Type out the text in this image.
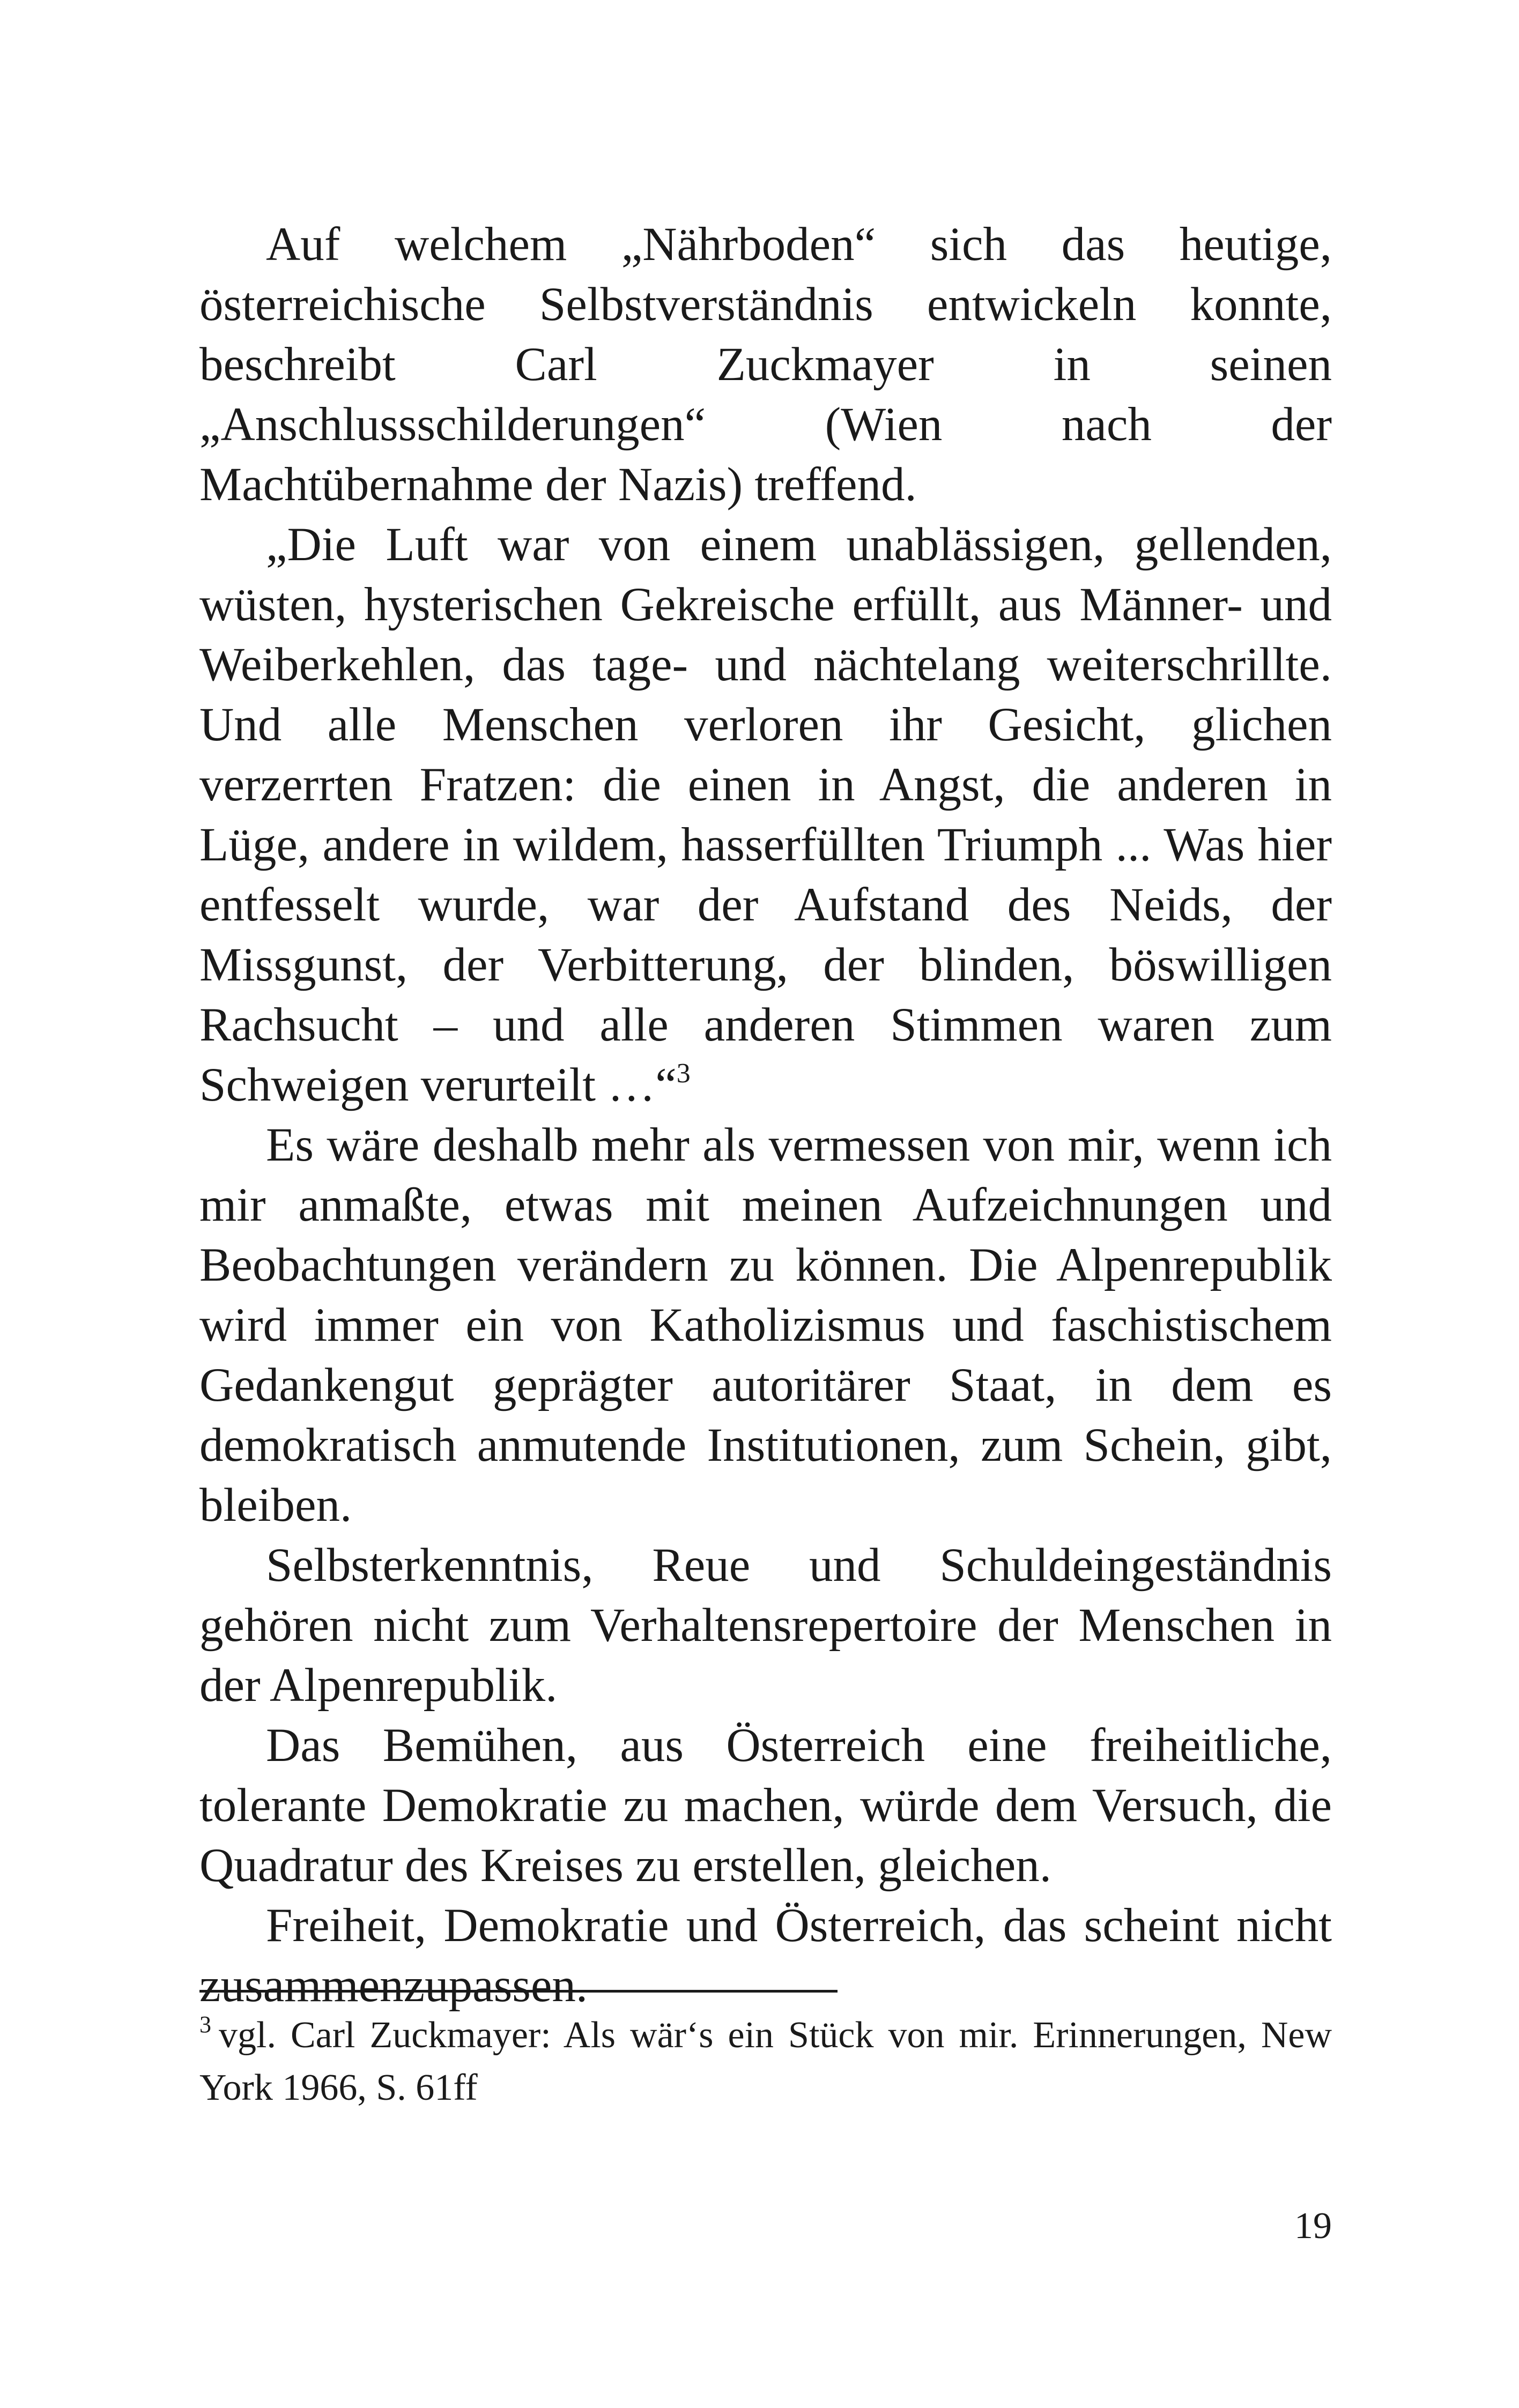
Auf welchem „Nährboden“ sich das heutige, österreichische Selbstverständnis entwickeln konnte, beschreibt Carl Zuckmayer in seinen „Anschlussschilderungen“ (Wien nach der Machtübernahme der Nazis) treffend.

„Die Luft war von einem unablässigen, gellenden, wüsten, hysterischen Gekreische erfüllt, aus Männer- und Weiberkehlen, das tage- und nächtelang weiterschrillte. Und alle Menschen verloren ihr Gesicht, glichen verzerrten Fratzen: die einen in Angst, die anderen in Lüge, andere in wildem, hasserfüllten Triumph ... Was hier entfesselt wurde, war der Aufstand des Neids, der Missgunst, der Verbitterung, der blinden, böswilligen Rachsucht – und alle anderen Stimmen waren zum Schweigen verurteilt …“$^3$

Es wäre deshalb mehr als vermessen von mir, wenn ich mir anmaßte, etwas mit meinen Aufzeichnungen und Beobachtungen verändern zu können. Die Alpenrepublik wird immer ein von Katholizismus und faschistischem Gedankengut geprägter autoritärer Staat, in dem es demokratisch anmutende Institutionen, zum Schein, gibt, bleiben.

Selbsterkenntnis, Reue und Schuldeingeständnis gehören nicht zum Verhaltensrepertoire der Menschen in der Alpenrepublik.

Das Bemühen, aus Österreich eine freiheitliche, tolerante Demokratie zu machen, würde dem Versuch, die Quadratur des Kreises zu erstellen, gleichen.

Freiheit, Demokratie und Österreich, das scheint nicht zusammenzupassen.

$^3$ vgl. Carl Zuckmayer: Als wär‘s ein Stück von mir. Erinnerungen, New York 1966, S. 61ff

19
